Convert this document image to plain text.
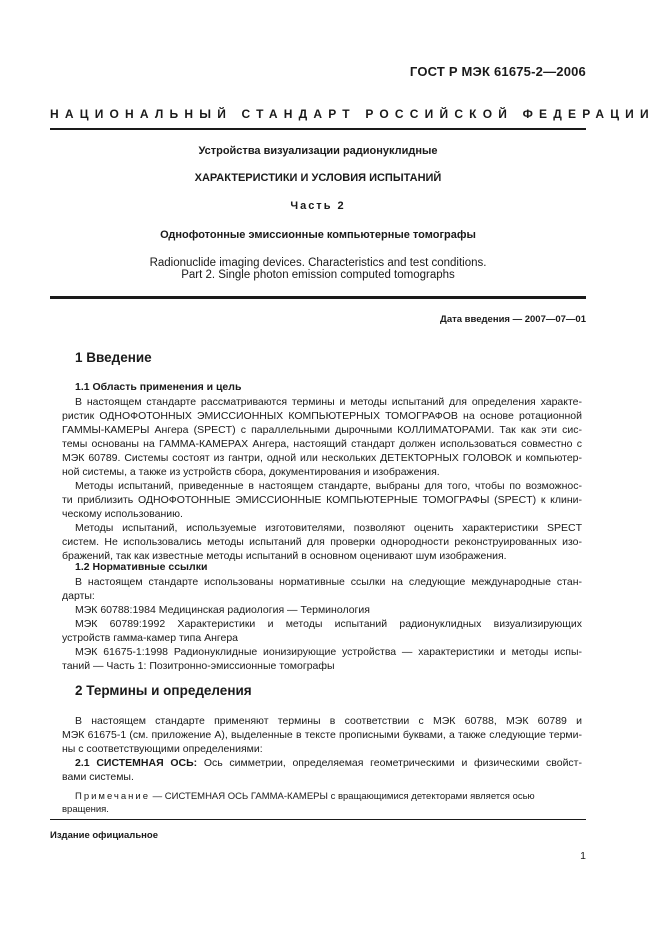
ГОСТ Р МЭК 61675-2—2006
НАЦИОНАЛЬНЫЙ СТАНДАРТ РОССИЙСКОЙ ФЕДЕРАЦИИ
Устройства визуализации радионуклидные
ХАРАКТЕРИСТИКИ И УСЛОВИЯ ИСПЫТАНИЙ
Часть 2
Однофотонные эмиссионные компьютерные томографы
Radionuclide imaging devices. Characteristics and test conditions.
Part 2. Single photon emission computed tomographs
Дата введения — 2007—07—01
1 Введение
1.1 Область применения и цель
В настоящем стандарте рассматриваются термины и методы испытаний для определения характе-
ристик ОДНОФОТОННЫХ ЭМИССИОННЫХ КОМПЬЮТЕРНЫХ ТОМОГРАФОВ на основе ротационной
ГАММЫ-КАМЕРЫ Ангера (SPECT) с параллельными дырочными КОЛЛИМАТОРАМИ. Так как эти сис-
темы основаны на ГАММА-КАМЕРАХ Ангера, настоящий стандарт должен использоваться совместно с
МЭК 60789. Системы состоят из гантри, одной или нескольких ДЕТЕКТОРНЫХ ГОЛОВОК и компьютер-
ной системы, а также из устройств сбора, документирования и изображения.
Методы испытаний, приведенные в настоящем стандарте, выбраны для того, чтобы по возможнос-
ти приблизить ОДНОФОТОННЫЕ ЭМИССИОННЫЕ КОМПЬЮТЕРНЫЕ ТОМОГРАФЫ (SPECT) к клини-
ческому использованию.
Методы испытаний, используемые изготовителями, позволяют оценить характеристики SPECT
систем. Не использовались методы испытаний для проверки однородности реконструированных изо-
бражений, так как известные методы испытаний в основном оценивают шум изображения.
1.2 Нормативные ссылки
В настоящем стандарте использованы нормативные ссылки на следующие международные стан-
дарты:
МЭК 60788:1984 Медицинская радиология — Терминология
МЭК 60789:1992 Характеристики и методы испытаний радионуклидных визуализирующих
устройств гамма-камер типа Ангера
МЭК 61675-1:1998 Радионуклидные ионизирующие устройства — характеристики и методы испы-
таний — Часть 1: Позитронно-эмиссионные томографы
2 Термины и определения
В настоящем стандарте применяют термины в соответствии с МЭК 60788, МЭК 60789 и
МЭК 61675-1 (см. приложение А), выделенные в тексте прописными буквами, а также следующие терми-
ны с соответствующими определениями:
2.1 СИСТЕМНАЯ ОСЬ: Ось симметрии, определяемая геометрическими и физическими свойст-
вами системы.
Примечание — СИСТЕМНАЯ ОСЬ ГАММА-КАМЕРЫ с вращающимися детекторами является осью
вращения.
Издание официальное
1
